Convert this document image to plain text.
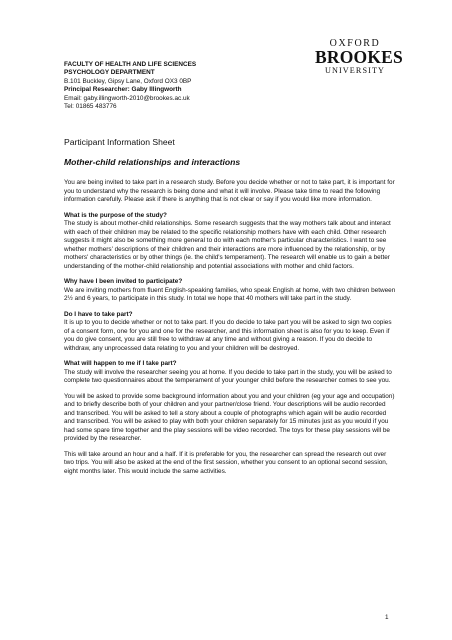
FACULTY OF HEALTH AND LIFE SCIENCES
PSYCHOLOGY DEPARTMENT
B.101 Buckley, Gipsy Lane, Oxford OX3 0BP
Principal Researcher: Gaby Illingworth
Email: gaby.illingworth-2010@brookes.ac.uk
Tel: 01865 483776
OXFORD
BROOKES
UNIVERSITY
Participant Information Sheet
Mother-child relationships and interactions
You are being invited to take part in a research study. Before you decide whether or not to take part, it is important for you to understand why the research is being done and what it will involve. Please take time to read the following information carefully. Please ask if there is anything that is not clear or say if you would like more information.
What is the purpose of the study?
The study is about mother-child relationships. Some research suggests that the way mothers talk about and interact with each of their children may be related to the specific relationship mothers have with each child. Other research suggests it might also be something more general to do with each mother's particular characteristics. I want to see whether mothers' descriptions of their children and their interactions are more influenced by the relationship, or by mothers' characteristics or by other things (ie. the child's temperament). The research will enable us to gain a better understanding of the mother-child relationship and potential associations with mother and child factors.
Why have I been invited to participate?
We are inviting mothers from fluent English-speaking families, who speak English at home, with two children between 2½ and 6 years, to participate in this study. In total we hope that 40 mothers will take part in the study.
Do I have to take part?
It is up to you to decide whether or not to take part. If you do decide to take part you will be asked to sign two copies of a consent form, one for you and one for the researcher, and this information sheet is also for you to keep. Even if you do give consent, you are still free to withdraw at any time and without giving a reason. If you do decide to withdraw, any unprocessed data relating to you and your children will be destroyed.
What will happen to me if I take part?
The study will involve the researcher seeing you at home. If you decide to take part in the study, you will be asked to complete two questionnaires about the temperament of your younger child before the researcher comes to see you.
You will be asked to provide some background information about you and your children (eg your age and occupation) and to briefly describe both of your children and your partner/close friend. Your descriptions will be audio recorded and transcribed. You will be asked to tell a story about a couple of photographs which again will be audio recorded and transcribed. You will be asked to play with both your children separately for 15 minutes just as you would if you had some spare time together and the play sessions will be video recorded. The toys for these play sessions will be provided by the researcher.
This will take around an hour and a half. If it is preferable for you, the researcher can spread the research out over two trips. You will also be asked at the end of the first session, whether you consent to an optional second session, eight months later. This would include the same activities.
1
